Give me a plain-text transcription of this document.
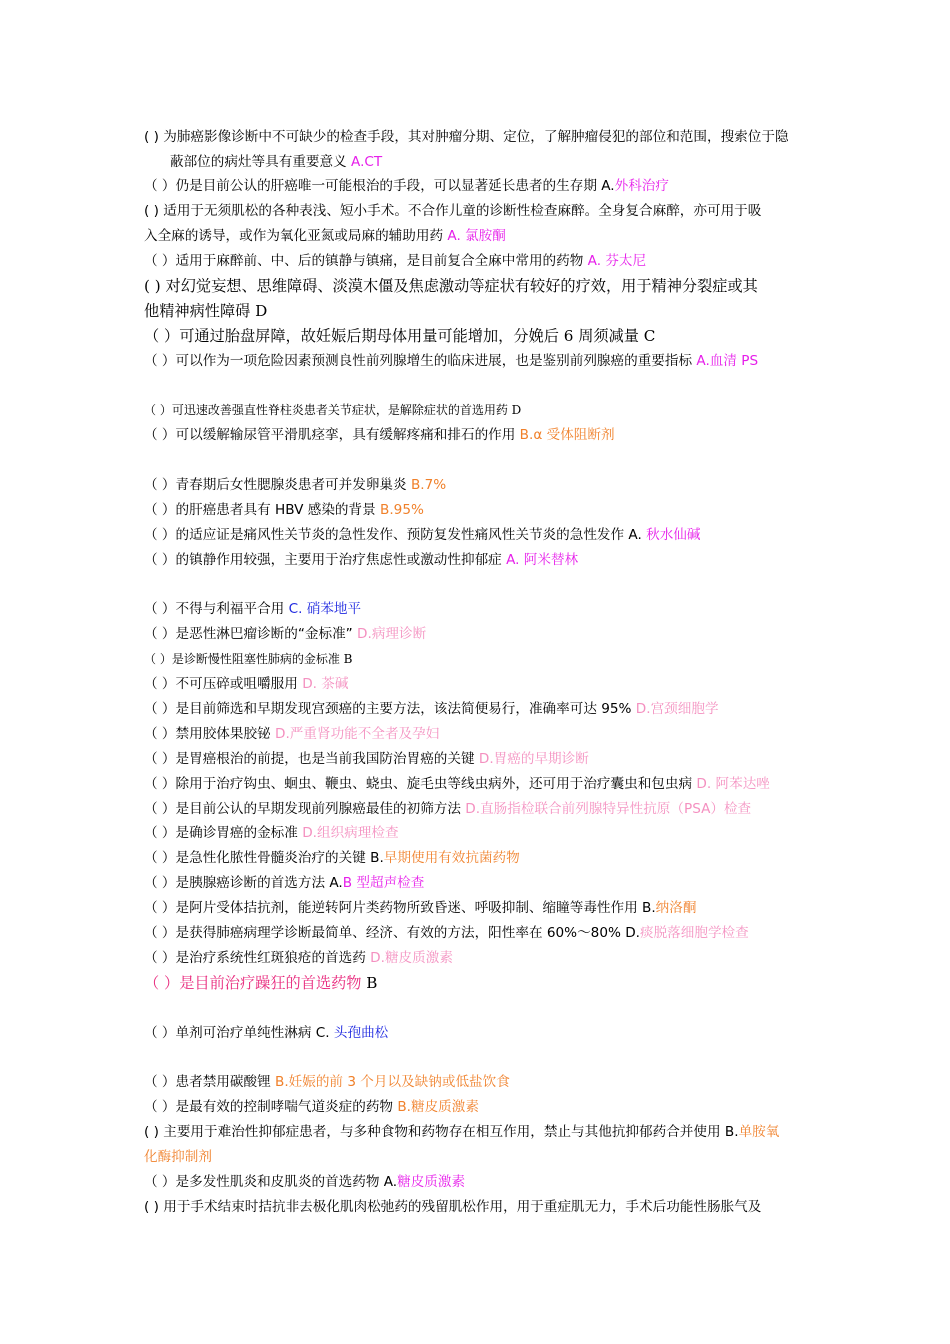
( ) 为肺癌影像诊断中不可缺少的检查手段，其对肿瘤分期、定位，了解肿瘤侵犯的部位和范围，搜索位于隐
蔽部位的病灶等具有重要意义 A.CT
（ ）仍是目前公认的肝癌唯一可能根治的手段，可以显著延长患者的生存期 A.外科治疗
( ) 适用于无须肌松的各种表浅、短小手术。不合作儿童的诊断性检查麻醉。全身复合麻醉，亦可用于吸
入全麻的诱导，或作为氧化亚氮或局麻的辅助用药 A. 氯胺酮
（ ）适用于麻醉前、中、后的镇静与镇痛，是目前复合全麻中常用的药物 A. 芬太尼
( ) 对幻觉妄想、思维障碍、淡漠木僵及焦虑激动等症状有较好的疗效，用于精神分裂症或其
他精神病性障碍 D
（ ）可通过胎盘屏障，故妊娠后期母体用量可能增加，分娩后 6 周须减量 C
（ ）可以作为一项危险因素预测良性前列腺增生的临床进展，也是鉴别前列腺癌的重要指标 A.血清 PS
（ ）可迅速改善强直性脊柱炎患者关节症状，是解除症状的首选用药 D
（ ）可以缓解输尿管平滑肌痉挛，具有缓解疼痛和排石的作用 B.α 受体阻断剂
（ ）青春期后女性腮腺炎患者可并发卵巢炎 B.7%
（ ）的肝癌患者具有 HBV 感染的背景 B.95%
（ ）的适应证是痛风性关节炎的急性发作、预防复发性痛风性关节炎的急性发作 A. 秋水仙碱
（ ）的镇静作用较强，主要用于治疗焦虑性或激动性抑郁症 A. 阿米替林
（ ）不得与利福平合用 C. 硝苯地平
（ ）是恶性淋巴瘤诊断的“金标准” D.病理诊断
（ ）是诊断慢性阻塞性肺病的金标准 B
（ ）不可压碎或咀嚼服用 D. 茶碱
（ ）是目前筛选和早期发现宫颈癌的主要方法，该法简便易行，准确率可达 95% D.宫颈细胞学
（ ）禁用胶体果胶铋 D.严重肾功能不全者及孕妇
（ ）是胃癌根治的前提，也是当前我国防治胃癌的关键 D.胃癌的早期诊断
（ ）除用于治疗钩虫、蛔虫、鞭虫、蛲虫、旋毛虫等线虫病外，还可用于治疗囊虫和包虫病 D. 阿苯达唑
（ ）是目前公认的早期发现前列腺癌最佳的初筛方法 D.直肠指检联合前列腺特异性抗原（PSA）检查
（ ）是确诊胃癌的金标准 D.组织病理检查
（ ）是急性化脓性骨髓炎治疗的关键 B.早期使用有效抗菌药物
（ ）是胰腺癌诊断的首选方法 A.B 型超声检查
（ ）是阿片受体拮抗剂，能逆转阿片类药物所致昏迷、呼吸抑制、缩瞳等毒性作用 B.纳洛酮
（ ）是获得肺癌病理学诊断最简单、经济、有效的方法，阳性率在 60%～80% D.痰脱落细胞学检查
（ ）是治疗系统性红斑狼疮的首选药 D.糖皮质激素
（ ）是目前治疗躁狂的首选药物 B
（ ）单剂可治疗单纯性淋病 C. 头孢曲松
（ ）患者禁用碳酸锂 B.妊娠的前 3 个月以及缺钠或低盐饮食
（ ）是最有效的控制哮喘气道炎症的药物 B.糖皮质激素
( ) 主要用于难治性抑郁症患者，与多种食物和药物存在相互作用，禁止与其他抗抑郁药合并使用 B.单胺氧
化酶抑制剂
（ ）是多发性肌炎和皮肌炎的首选药物 A.糖皮质激素
( ) 用于手术结束时拮抗非去极化肌肉松弛药的残留肌松作用，用于重症肌无力，手术后功能性肠胀气及
